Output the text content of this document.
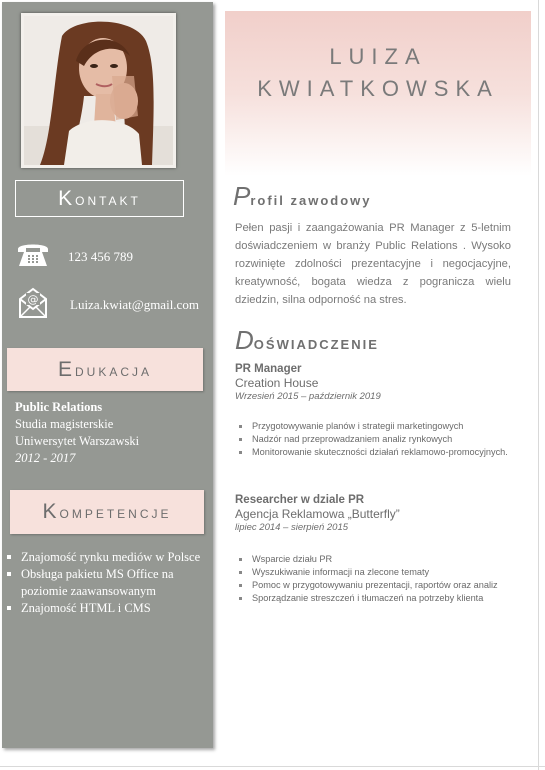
KONTAKT
123 456 789
@ Luiza.kwiat@gmail.com
EDUKACJA
Public Relations
Studia magisterskie
Uniwersytet Warszawski
2012 - 2017
KOMPETENCJE
Znajomość rynku mediów w Polsce
Obsługa pakietu MS Office na poziomie zaawansowanym
Znajomość HTML i CMS
LUIZA
KWIATKOWSKA
Profil zawodowy
Pełen pasji i zaangażowania PR Manager z 5-letnim doświadczeniem w branży Public Relations . Wysoko rozwinięte zdolności prezentacyjne i negocjacyjne, kreatywność, bogata wiedza z pogranicza wielu dziedzin, silna odporność na stres.
DOŚWIADCZENIE
PR Manager
Creation House
Wrzesień 2015 – październik 2019
Przygotowywanie planów i strategii marketingowych
Nadzór nad przeprowadzaniem analiz rynkowych
Monitorowanie skuteczności działań reklamowo-promocyjnych.
Researcher w dziale PR
Agencja Reklamowa „Butterfly”
lipiec 2014 – sierpień 2015
Wsparcie działu PR
Wyszukiwanie informacji na zlecone tematy
Pomoc w przygotowywaniu prezentacji, raportów oraz analiz
Sporządzanie streszczeń i tłumaczeń na potrzeby klienta
